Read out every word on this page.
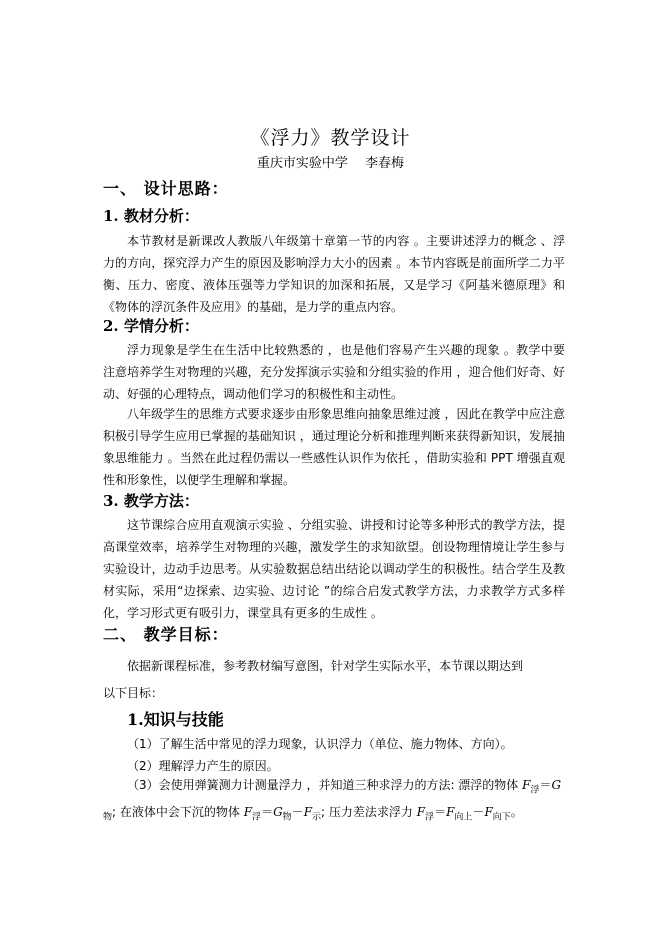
《浮力》教学设计
重庆市实验中学　 李春梅
一、 设计思路：
1. 教材分析：

本节教材是新课改人教版八年级第十章第一节的内容 。主要讲述浮力的概念 、浮力的方向，探究浮力产生的原因及影响浮力大小的因素 。本节内容既是前面所学二力平衡、压力、密度、液体压强等力学知识的加深和拓展，又是学习《阿基米德原理》和《物体的浮沉条件及应用》的基础，是力学的重点内容。

2. 学情分析：

浮力现象是学生在生活中比较熟悉的 ，也是他们容易产生兴趣的现象 。教学中要注意培养学生对物理的兴趣，充分发挥演示实验和分组实验的作用 ，迎合他们好奇、好动、好强的心理特点，调动他们学习的积极性和主动性。

八年级学生的思维方式要求逐步由形象思维向抽象思维过渡 ，因此在教学中应注意积极引导学生应用已掌握的基础知识 ，通过理论分析和推理判断来获得新知识，发展抽象思维能力 。当然在此过程仍需以一些感性认识作为依托 ，借助实验和 PPT 增强直观性和形象性，以便学生理解和掌握。

3. 教学方法：

这节课综合应用直观演示实验 、分组实验、讲授和讨论等多种形式的教学方法，提高课堂效率，培养学生对物理的兴趣，激发学生的求知欲望。创设物理情境让学生参与实验设计，边动手边思考。从实验数据总结出结论以调动学生的积极性。结合学生及教材实际，采用“边探索、边实验、边讨论 ”的综合启发式教学方法，力求教学方式多样化，学习形式更有吸引力，课堂具有更多的生成性 。

二、 教学目标：
依据新课程标准，参考教材编写意图，针对学生实际水平，本节课以期达到
以下目标：
1.知识与技能
（1）了解生活中常见的浮力现象，认识浮力（单位、施力物体、方向）。
（2）理解浮力产生的原因。
（3）会使用弹簧测力计测量浮力 ，并知道三种求浮力的方法: 漂浮的物体 $F_浮=G_物$; 在液体中会下沉的物体 $F_浮=G_物-F_示$; 压力差法求浮力 $F_浮=F_{向上}-F_{向下}$。
